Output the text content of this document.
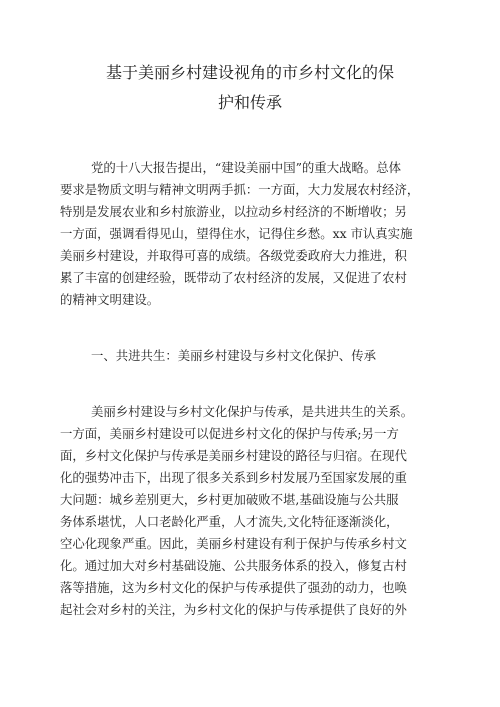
基于美丽乡村建设视角的市乡村文化的保
护和传承

党的十八大报告提出，“建设美丽中国”的重大战略。总体

要求是物质文明与精神文明两手抓：一方面，大力发展农村经济，

特别是发展农业和乡村旅游业，以拉动乡村经济的不断增收；另

一方面，强调看得见山，望得住水，记得住乡愁。xx 市认真实施

美丽乡村建设，并取得可喜的成绩。各级党委政府大力推进，积

累了丰富的创建经验，既带动了农村经济的发展，又促进了农村

的精神文明建设。

一、共进共生：美丽乡村建设与乡村文化保护、传承

美丽乡村建设与乡村文化保护与传承，是共进共生的关系。

一方面，美丽乡村建设可以促进乡村文化的保护与传承;另一方

面，乡村文化保护与传承是美丽乡村建设的路径与归宿。在现代

化的强势冲击下，出现了很多关系到乡村发展乃至国家发展的重

大问题：城乡差别更大，乡村更加破败不堪,基础设施与公共服

务体系堪忧，人口老龄化严重，人才流失,文化特征逐渐淡化，

空心化现象严重。因此，美丽乡村建设有利于保护与传承乡村文

化。通过加大对乡村基础设施、公共服务体系的投入，修复古村

落等措施，这为乡村文化的保护与传承提供了强劲的动力，也唤

起社会对乡村的关注，为乡村文化的保护与传承提供了良好的外
